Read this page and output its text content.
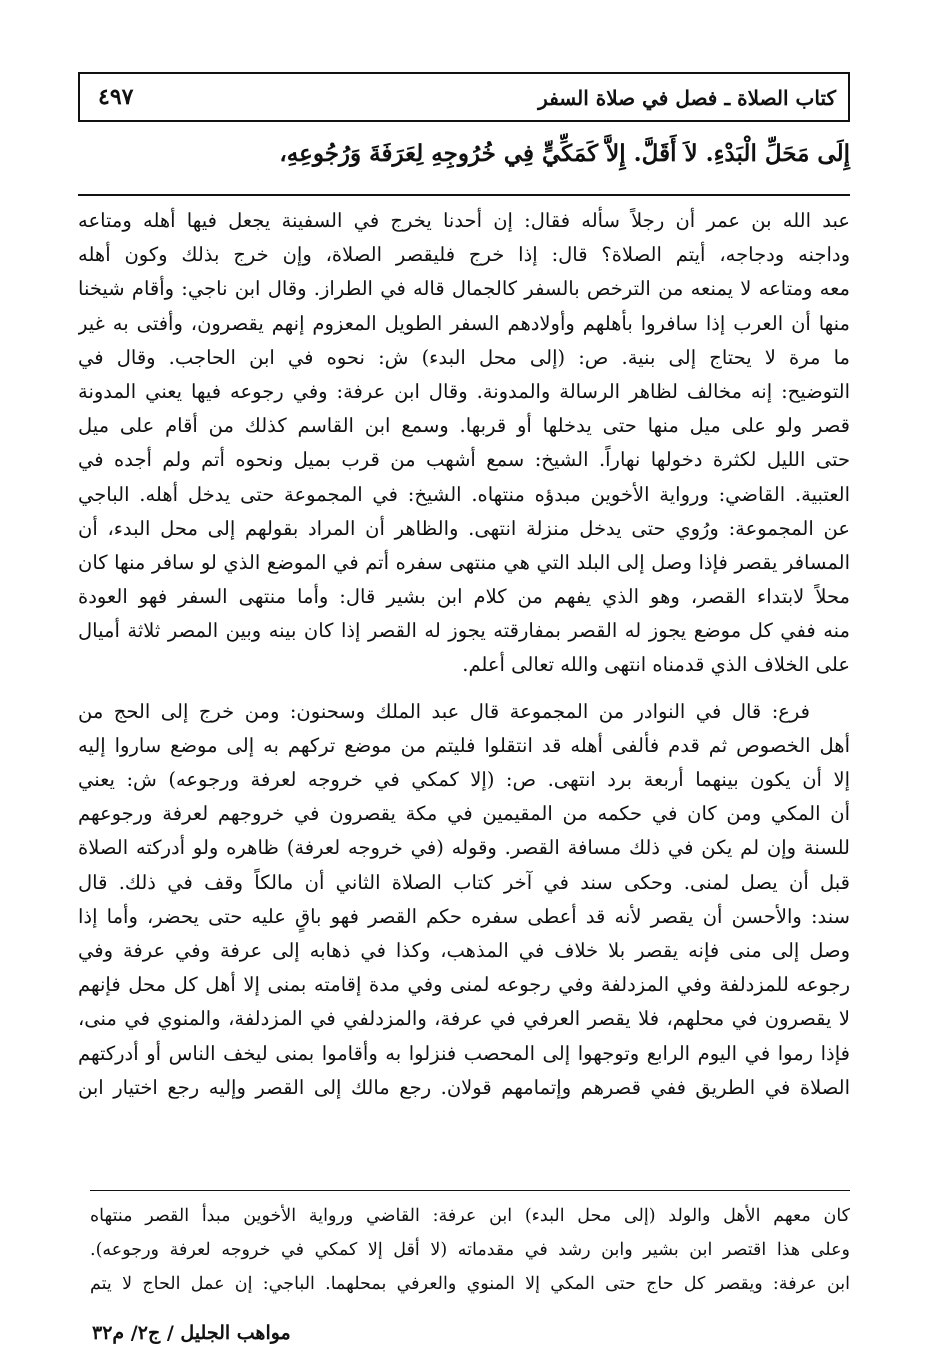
كتاب الصلاة ـ فصل في صلاة السفر
٤٩٧
إِلَى مَحَلِّ الْبَدْءِ. لاَ أَقَلَّ. إِلاَّ كَمَكِّيٍّ فِي خُرُوجِهِ لِعَرَفَةَ وَرُجُوعِهِ،
عبد الله بن عمر أن رجلاً سأله فقال: إن أحدنا يخرج في السفينة يجعل فيها أهله ومتاعه
وداجنه ودجاجه، أيتم الصلاة؟ قال: إذا خرج فليقصر الصلاة، وإن خرج بذلك وكون أهله
معه ومتاعه لا يمنعه من الترخص بالسفر كالجمال قاله في الطراز. وقال ابن ناجي: وأقام شيخنا
منها أن العرب إذا سافروا بأهلهم وأولادهم السفر الطويل المعزوم إنهم يقصرون، وأفتى به غير
ما مرة لا يحتاج إلى بنية. ص: (إلى محل البدء) ش: نحوه في ابن الحاجب. وقال في
التوضيح: إنه مخالف لظاهر الرسالة والمدونة. وقال ابن عرفة: وفي رجوعه فيها يعني المدونة
قصر ولو على ميل منها حتى يدخلها أو قربها. وسمع ابن القاسم كذلك من أقام على ميل
حتى الليل لكثرة دخولها نهاراً. الشيخ: سمع أشهب من قرب بميل ونحوه أتم ولم أجده في
العتبية. القاضي: ورواية الأخوين مبدؤه منتهاه. الشيخ: في المجموعة حتى يدخل أهله. الباجي
عن المجموعة: ورُوي حتى يدخل منزلة انتهى. والظاهر أن المراد بقولهم إلى محل البدء، أن
المسافر يقصر فإذا وصل إلى البلد التي هي منتهى سفره أتم في الموضع الذي لو سافر منها كان
محلاً لابتداء القصر، وهو الذي يفهم من كلام ابن بشير قال: وأما منتهى السفر فهو العودة
منه ففي كل موضع يجوز له القصر بمفارقته يجوز له القصر إذا كان بينه وبين المصر ثلاثة أميال
على الخلاف الذي قدمناه انتهى والله تعالى أعلم.
فرع: قال في النوادر من المجموعة قال عبد الملك وسحنون: ومن خرج إلى الحج من
أهل الخصوص ثم قدم فألفى أهله قد انتقلوا فليتم من موضع تركهم به إلى موضع ساروا إليه
إلا أن يكون بينهما أربعة برد انتهى. ص: (إلا كمكي في خروجه لعرفة ورجوعه) ش: يعني
أن المكي ومن كان في حكمه من المقيمين في مكة يقصرون في خروجهم لعرفة ورجوعهم
للسنة وإن لم يكن في ذلك مسافة القصر. وقوله (في خروجه لعرفة) ظاهره ولو أدركته الصلاة
قبل أن يصل لمنى. وحكى سند في آخر كتاب الصلاة الثاني أن مالكاً وقف في ذلك. قال
سند: والأحسن أن يقصر لأنه قد أعطى سفره حكم القصر فهو باقٍ عليه حتى يحضر، وأما إذا
وصل إلى منى فإنه يقصر بلا خلاف في المذهب، وكذا في ذهابه إلى عرفة وفي عرفة وفي
رجوعه للمزدلفة وفي المزدلفة وفي رجوعه لمنى وفي مدة إقامته بمنى إلا أهل كل محل فإنهم
لا يقصرون في محلهم، فلا يقصر العرفي في عرفة، والمزدلفي في المزدلفة، والمنوي في منى،
فإذا رموا في اليوم الرابع وتوجهوا إلى المحصب فنزلوا به وأقاموا بمنى ليخف الناس أو أدركتهم
الصلاة في الطريق ففي قصرهم وإتمامهم قولان. رجع مالك إلى القصر وإليه رجع اختيار ابن
كان معهم الأهل والولد (إلى محل البدء) ابن عرفة: القاضي ورواية الأخوين مبدأ القصر منتهاه
وعلى هذا اقتصر ابن بشير وابن رشد في مقدماته (لا أقل إلا كمكي في خروجه لعرفة ورجوعه).
ابن عرفة: ويقصر كل حاج حتى المكي إلا المنوي والعرفي بمحلهما. الباجي: إن عمل الحاج لا يتم
مواهب الجليل / ج٢/ م٣٢
